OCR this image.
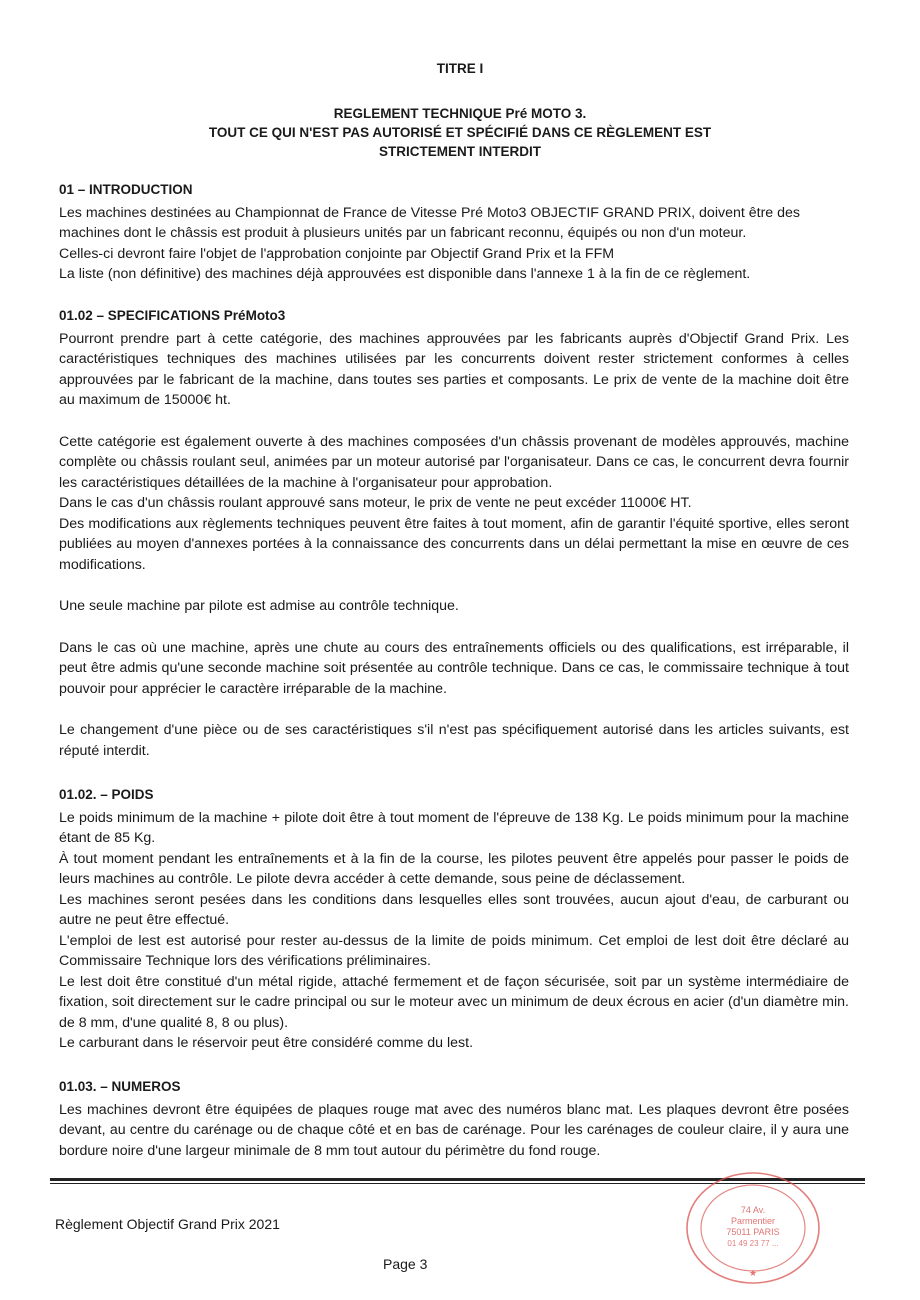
TITRE I
REGLEMENT TECHNIQUE Pré MOTO 3.
TOUT CE QUI N'EST PAS AUTORISÉ ET SPÉCIFIÉ DANS CE RÈGLEMENT EST
STRICTEMENT INTERDIT
01 – INTRODUCTION

Les machines destinées au Championnat de France de Vitesse Pré Moto3 OBJECTIF GRAND PRIX, doivent être des

machines dont le châssis est produit à plusieurs unités par un fabricant reconnu, équipés ou non d'un moteur.

Celles-ci devront faire l'objet de l'approbation conjointe par Objectif Grand Prix et la FFM

La liste (non définitive) des machines déjà approuvées est disponible dans l'annexe 1 à la fin de ce règlement.

01.02 – SPECIFICATIONS PréMoto3

Pourront prendre part à cette catégorie, des machines approuvées par les fabricants auprès d'Objectif Grand Prix. Les caractéristiques techniques des machines utilisées par les concurrents doivent rester strictement conformes à celles approuvées par le fabricant de la machine, dans toutes ses parties et composants. Le prix de vente de la machine doit être au maximum de 15000€ ht.

Cette catégorie est également ouverte à des machines composées d'un châssis provenant de modèles approuvés, machine complète ou châssis roulant seul, animées par un moteur autorisé par l'organisateur. Dans ce cas, le concurrent devra fournir les caractéristiques détaillées de la machine à l'organisateur pour approbation.

Dans le cas d'un châssis roulant approuvé sans moteur, le prix de vente ne peut excéder 11000€ HT.

Des modifications aux règlements techniques peuvent être faites à tout moment, afin de garantir l'équité sportive, elles seront publiées au moyen d'annexes portées à la connaissance des concurrents dans un délai permettant la mise en œuvre de ces modifications.

Une seule machine par pilote est admise au contrôle technique.

Dans le cas où une machine, après une chute au cours des entraînements officiels ou des qualifications, est irréparable, il peut être admis qu'une seconde machine soit présentée au contrôle technique. Dans ce cas, le commissaire technique à tout pouvoir pour apprécier le caractère irréparable de la machine.

Le changement d'une pièce ou de ses caractéristiques s'il n'est pas spécifiquement autorisé dans les articles suivants, est réputé interdit.

01.02. – POIDS

Le poids minimum de la machine + pilote doit être à tout moment de l'épreuve de 138 Kg. Le poids minimum pour la machine étant de 85 Kg.

À tout moment pendant les entraînements et à la fin de la course, les pilotes peuvent être appelés pour passer le poids de leurs machines au contrôle. Le pilote devra accéder à cette demande, sous peine de déclassement.

Les machines seront pesées dans les conditions dans lesquelles elles sont trouvées, aucun ajout d'eau, de carburant ou autre ne peut être effectué.

L'emploi de lest est autorisé pour rester au-dessus de la limite de poids minimum. Cet emploi de lest doit être déclaré au Commissaire Technique lors des vérifications préliminaires.

Le lest doit être constitué d'un métal rigide, attaché fermement et de façon sécurisée, soit par un système intermédiaire de fixation, soit directement sur le cadre principal ou sur le moteur avec un minimum de deux écrous en acier (d'un diamètre min. de 8 mm, d'une qualité 8, 8 ou plus).

Le carburant dans le réservoir peut être considéré comme du lest.

01.03. – NUMEROS

Les machines devront être équipées de plaques rouge mat avec des numéros blanc mat. Les plaques devront être posées devant, au centre du carénage ou de chaque côté et en bas de carénage. Pour les carénages de couleur claire, il y aura une bordure noire d'une largeur minimale de 8 mm tout autour du périmètre du fond rouge.

Règlement Objectif Grand Prix 2021
Page 3
74 Av.
Parmentier
75011 PARIS
01 49 23 77 ...
★
